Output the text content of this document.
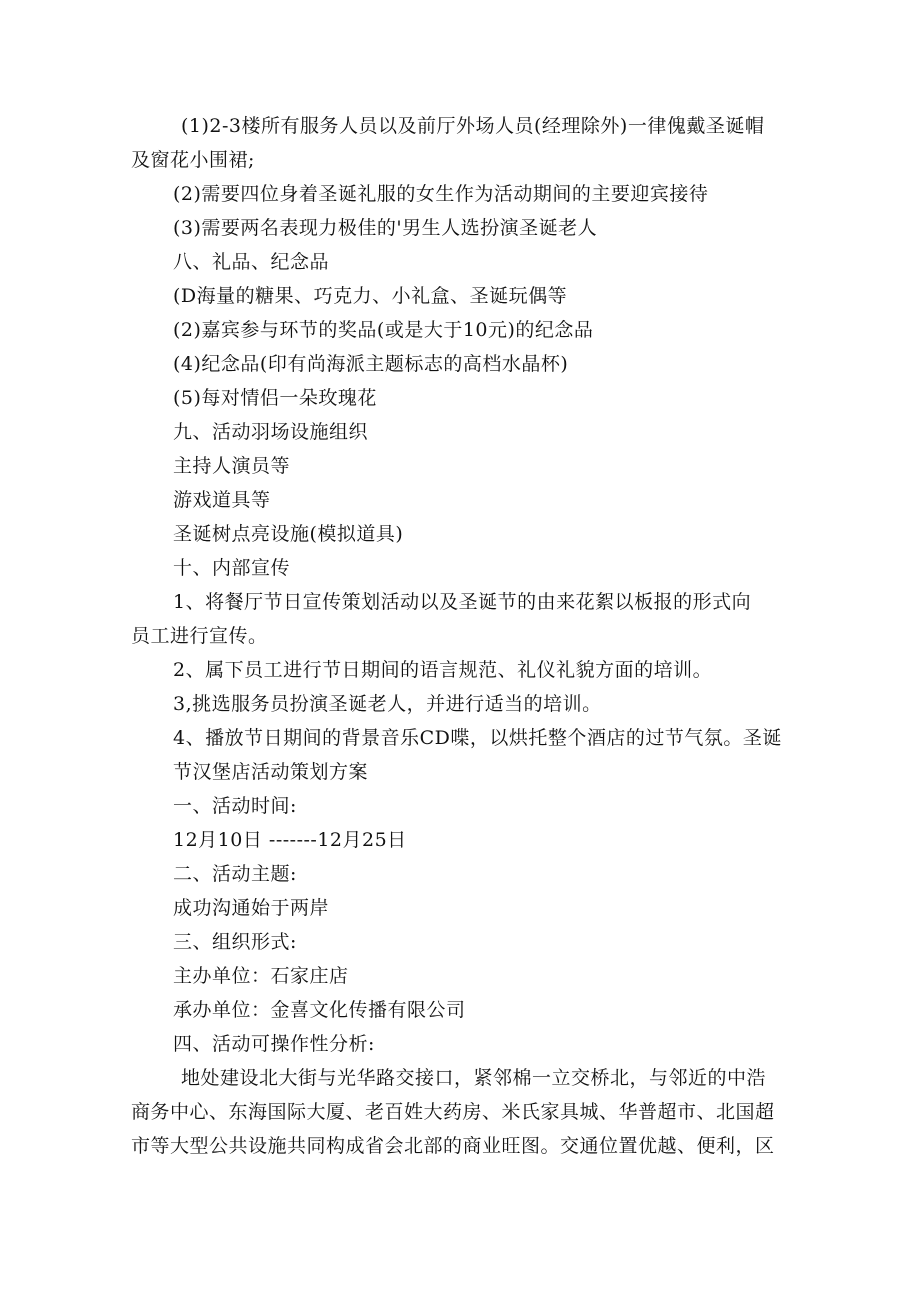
(1)2-3楼所有服务人员以及前厅外场人员(经理除外)一律傀戴圣诞帽
及窗花小围裙;
(2)需要四位身着圣诞礼服的女生作为活动期间的主要迎宾接待
(3)需要两名表现力极佳的'男生人选扮演圣诞老人
八、礼品、纪念品
(D海量的糖果、巧克力、小礼盒、圣诞玩偶等
(2)嘉宾参与环节的奖品(或是大于10元)的纪念品
(4)纪念品(印有尚海派主题标志的高档水晶杯)
(5)每对情侣一朵玫瑰花
九、活动羽场设施组织
主持人演员等
游戏道具等
圣诞树点亮设施(模拟道具)
十、内部宣传
1、将餐厅节日宣传策划活动以及圣诞节的由来花絮以板报的形式向
员工进行宣传。
2、属下员工进行节日期间的语言规范、礼仪礼貌方面的培训。
3,挑选服务员扮演圣诞老人，并进行适当的培训。
4、播放节日期间的背景音乐CD喋，以烘托整个酒店的过节气氛。圣诞
节汉堡店活动策划方案
一、活动时间:
12月10日 -------12月25日
二、活动主题:
成功沟通始于两岸
三、组织形式:
主办单位：石家庄店
承办单位：金喜文化传播有限公司
四、活动可操作性分析:
地处建设北大街与光华路交接口，紧邻棉一立交桥北，与邻近的中浩
商务中心、东海国际大厦、老百姓大药房、米氏家具城、华普超市、北国超
市等大型公共设施共同构成省会北部的商业旺图。交通位置优越、便利，区
